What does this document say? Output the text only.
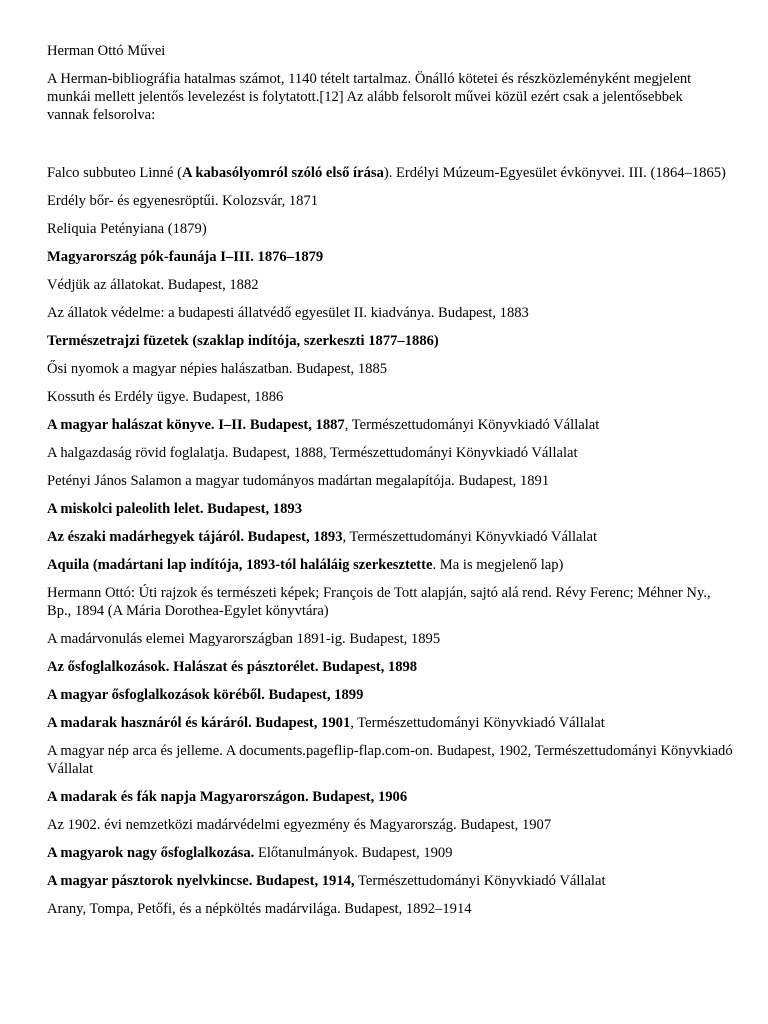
Herman Ottó Művei
A Herman-bibliográfia hatalmas számot, 1140 tételt tartalmaz. Önálló kötetei és részközleményként megjelent munkái mellett jelentős levelezést is folytatott.[12] Az alább felsorolt művei közül ezért csak a jelentősebbek vannak felsorolva:
Falco subbuteo Linné (A kabasólyomról szóló első írása). Erdélyi Múzeum-Egyesület évkönyvei. III. (1864–1865)
Erdély bőr- és egyenesröptűi. Kolozsvár, 1871
Reliquia Petényiana (1879)
Magyarország pók-faunája I–III. 1876–1879
Védjük az állatokat. Budapest, 1882
Az állatok védelme: a budapesti állatvédő egyesület II. kiadványa. Budapest, 1883
Természetrajzi füzetek (szaklap indítója, szerkeszti 1877–1886)
Ősi nyomok a magyar népies halászatban. Budapest, 1885
Kossuth és Erdély ügye. Budapest, 1886
A magyar halászat könyve. I–II. Budapest, 1887, Természettudományi Könyvkiadó Vállalat
A halgazdaság rövid foglalatja. Budapest, 1888, Természettudományi Könyvkiadó Vállalat
Petényi János Salamon a magyar tudományos madártan megalapítója. Budapest, 1891
A miskolci paleolith lelet. Budapest, 1893
Az északi madárhegyek tájáról. Budapest, 1893, Természettudományi Könyvkiadó Vállalat
Aquila (madártani lap indítója, 1893-tól haláláig szerkesztette. Ma is megjelenő lap)
Hermann Ottó: Úti rajzok és természeti képek; François de Tott alapján, sajtó alá rend. Révy Ferenc; Méhner Ny., Bp., 1894 (A Mária Dorothea-Egylet könyvtára)
A madárvonulás elemei Magyarországban 1891-ig. Budapest, 1895
Az ősfoglalkozások. Halászat és pásztorélet. Budapest, 1898
A magyar ősfoglalkozások köréből. Budapest, 1899
A madarak hasznáról és káráról. Budapest, 1901, Természettudományi Könyvkiadó Vállalat
A magyar nép arca és jelleme. A documents.pageflip-flap.com-on. Budapest, 1902, Természettudományi Könyvkiadó Vállalat
A madarak és fák napja Magyarországon. Budapest, 1906
Az 1902. évi nemzetközi madárvédelmi egyezmény és Magyarország. Budapest, 1907
A magyarok nagy ősfoglalkozása. Előtanulmányok. Budapest, 1909
A magyar pásztorok nyelvkincse. Budapest, 1914, Természettudományi Könyvkiadó Vállalat
Arany, Tompa, Petőfi, és a népköltés madárvilága. Budapest, 1892–1914
